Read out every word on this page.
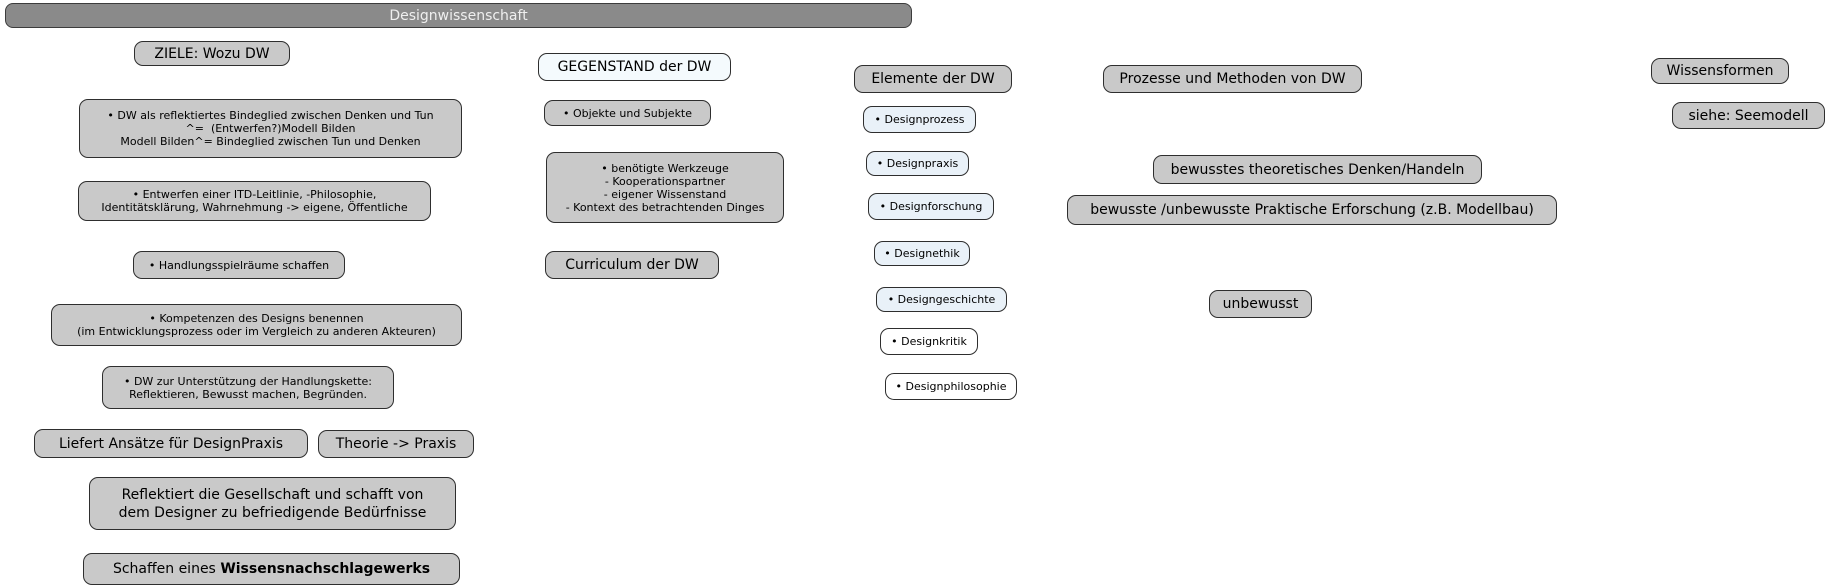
Designwissenschaft
ZIELE: Wozu DW
• DW als reflektiertes Bindeglied zwischen Denken und Tun
^=  (Entwerfen?)Modell Bilden
Modell Bilden^= Bindeglied zwischen Tun und Denken
• Entwerfen einer ITD-Leitlinie, -Philosophie,
Identitätsklärung, Wahrnehmung -> eigene, Öffentliche
• Handlungsspielräume schaffen
• Kompetenzen des Designs benennen
(im Entwicklungsprozess oder im Vergleich zu anderen Akteuren)
• DW zur Unterstützung der Handlungskette:
Reflektieren, Bewusst machen, Begründen.
Liefert Ansätze für DesignPraxis	Theorie -> Praxis
Reflektiert die Gesellschaft und schafft von
dem Designer zu befriedigende Bedürfnisse
Schaffen eines Wissensnachschlagewerks
GEGENSTAND der DW
• Objekte und Subjekte
• benötigte Werkzeuge
- Kooperationspartner
- eigener Wissenstand
- Kontext des betrachtenden Dinges
Curriculum der DW
Elemente der DW
• Designprozess
• Designpraxis
• Designforschung
• Designethik
• Designgeschichte
• Designkritik
• Designphilosophie
Prozesse und Methoden von DW
bewusstes theoretisches Denken/Handeln
bewusste /unbewusste Praktische Erforschung (z.B. Modellbau)
unbewusst
Wissensformen
siehe: Seemodell
